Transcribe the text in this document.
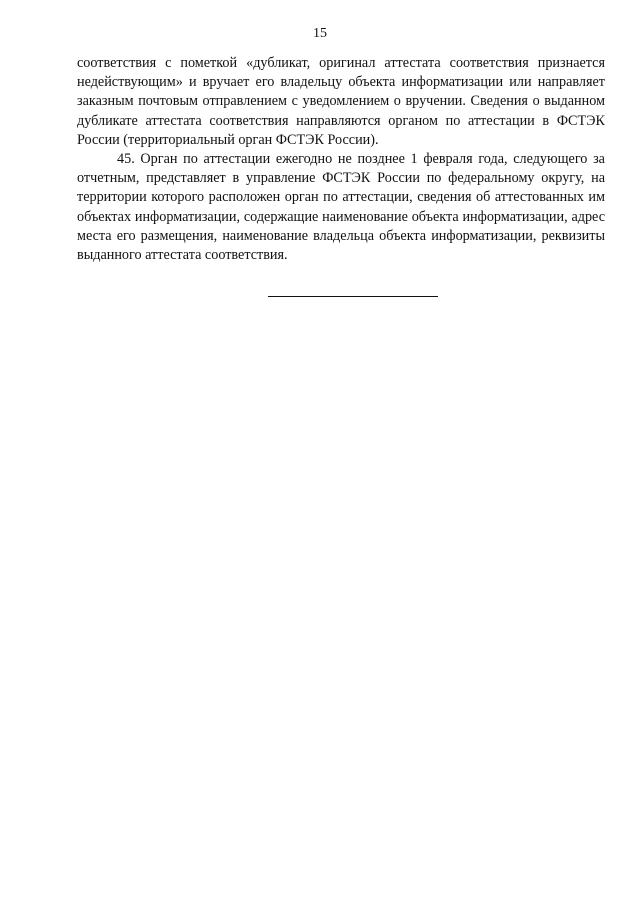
15

соответствия с пометкой «дубликат, оригинал аттестата соответствия признается недействующим» и вручает его владельцу объекта информатизации или направляет заказным почтовым отправлением с уведомлением о вручении. Сведения о выданном дубликате аттестата соответствия направляются органом по аттестации в ФСТЭК России (территориальный орган ФСТЭК России).

45. Орган по аттестации ежегодно не позднее 1 февраля года, следующего за отчетным, представляет в управление ФСТЭК России по федеральному округу, на территории которого расположен орган по аттестации, сведения об аттестованных им объектах информатизации, содержащие наименование объекта информатизации, адрес места его размещения, наименование владельца объекта информатизации, реквизиты выданного аттестата соответствия.
